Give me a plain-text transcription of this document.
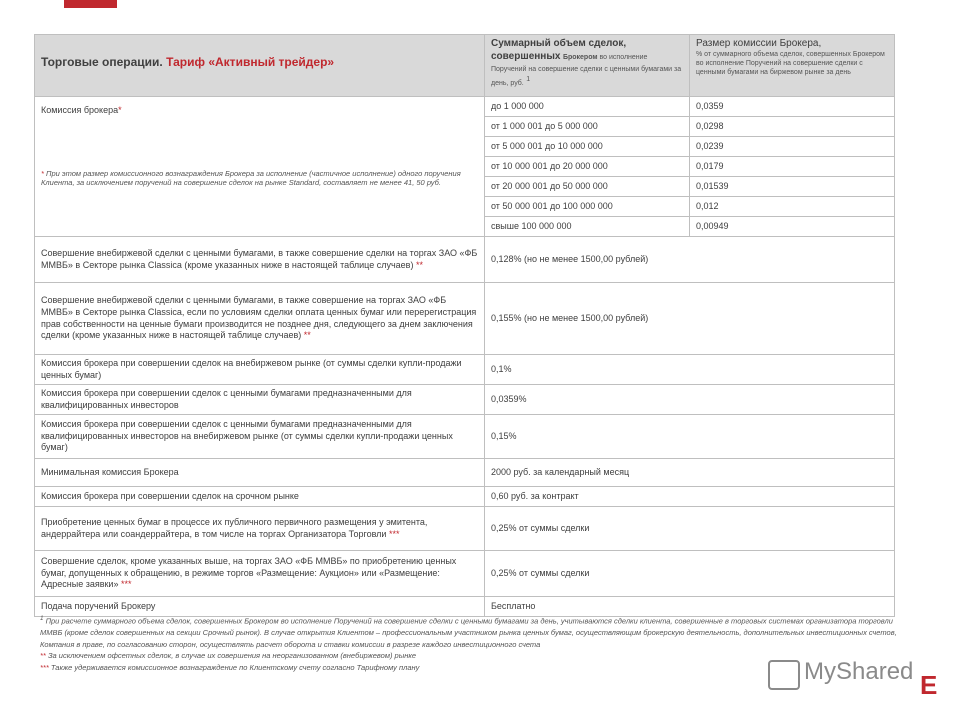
Торговые операции. Тариф «Активный трейдер»	Суммарный объем сделок, совершенных Брокером во исполнение Поручений на совершение сделки с ценными бумагами за день, руб. $^1$	Размер комиссии Брокера,
% от суммарного объема сделок, совершенных Брокером во исполнение Поручений на совершение сделки с ценными бумагами на биржевом рынке за день

Комиссия брокера*
* При этом размер комиссионного вознаграждения Брокера за исполнение (частичное исполнение) одного поручения Клиента, за исключением поручений на совершение сделок на рынке Standard, составляет не менее 41, 50 руб.	до 1 000 000	0,0359
	от 1 000 001 до 5 000 000	0,0298
	от 5 000 001 до 10 000 000	0,0239
	от 10 000 001 до 20 000 000	0,0179
	от 20 000 001 до 50 000 000	0,01539
	от 50 000 001 до 100 000 000	0,012
	свыше 100 000 000	0,00949
Совершение внебиржевой сделки с ценными бумагами, в также совершение сделки на торгах ЗАО «ФБ ММВБ» в Секторе рынка Classica (кроме указанных ниже в настоящей таблице случаев) **	0,128% (но не менее 1500,00 рублей)	
Совершение внебиржевой сделки с ценными бумагами, в также совершение на торгах ЗАО «ФБ ММВБ» в Секторе рынка Classica, если по условиям сделки оплата ценных бумаг или перерегистрация прав собственности на ценные бумаги производится не позднее дня, следующего за днем заключения сделки (кроме указанных ниже в настоящей таблице случаев) **	0,155% (но не менее 1500,00 рублей)	
Комиссия брокера при совершении сделок на внебиржевом рынке (от суммы сделки купли-продажи ценных бумаг)	0,1%	
Комиссия брокера при совершении сделок с ценными бумагами предназначенными для квалифицированных инвесторов	0,0359%	
Комиссия брокера при совершении сделок с ценными бумагами предназначенными для квалифицированных инвесторов на внебиржевом рынке (от суммы сделки купли-продажи ценных бумаг)	0,15%	
Минимальная комиссия Брокера	2000 руб. за календарный месяц	
Комиссия брокера при совершении сделок на срочном рынке	0,60 руб. за контракт	
Приобретение ценных бумаг в процессе их публичного первичного размещения у эмитента, андеррайтера или соандеррайтера, в том числе на торгах Организатора Торговли ***	0,25% от суммы сделки	
Совершение сделок, кроме указанных выше, на торгах ЗАО «ФБ ММВБ» по приобретению ценных бумаг, допущенных к обращению, в режиме торгов «Размещение: Аукцион» или «Размещение: Адресные заявки» ***	0,25% от суммы сделки	
Подача поручений Брокеру	Бесплатно	

$^1$ При расчете суммарного объема сделок, совершенных Брокером во исполнение Поручений на совершение сделки с ценными бумагами за день, учитываются сделки клиента, совершенные в торговых системах организатора торговли ММВБ (кроме сделок совершенных на секции Срочный рынок). В случае открытия Клиентом – профессиональным участником рынка ценных бумаг, осуществляющим брокерскую деятельность, дополнительных инвестиционных счетов, Компания в праве, по согласованию сторон, осуществлять расчет оборота и ставки комиссии в разрезе каждого инвестиционного счета

** За исключением офсетных сделок, в случае их совершения на неорганизованном (внебиржевом) рынке

*** Также удерживается комиссионное вознаграждение по Клиентскому счету согласно Тарифному плану	MyShared E
